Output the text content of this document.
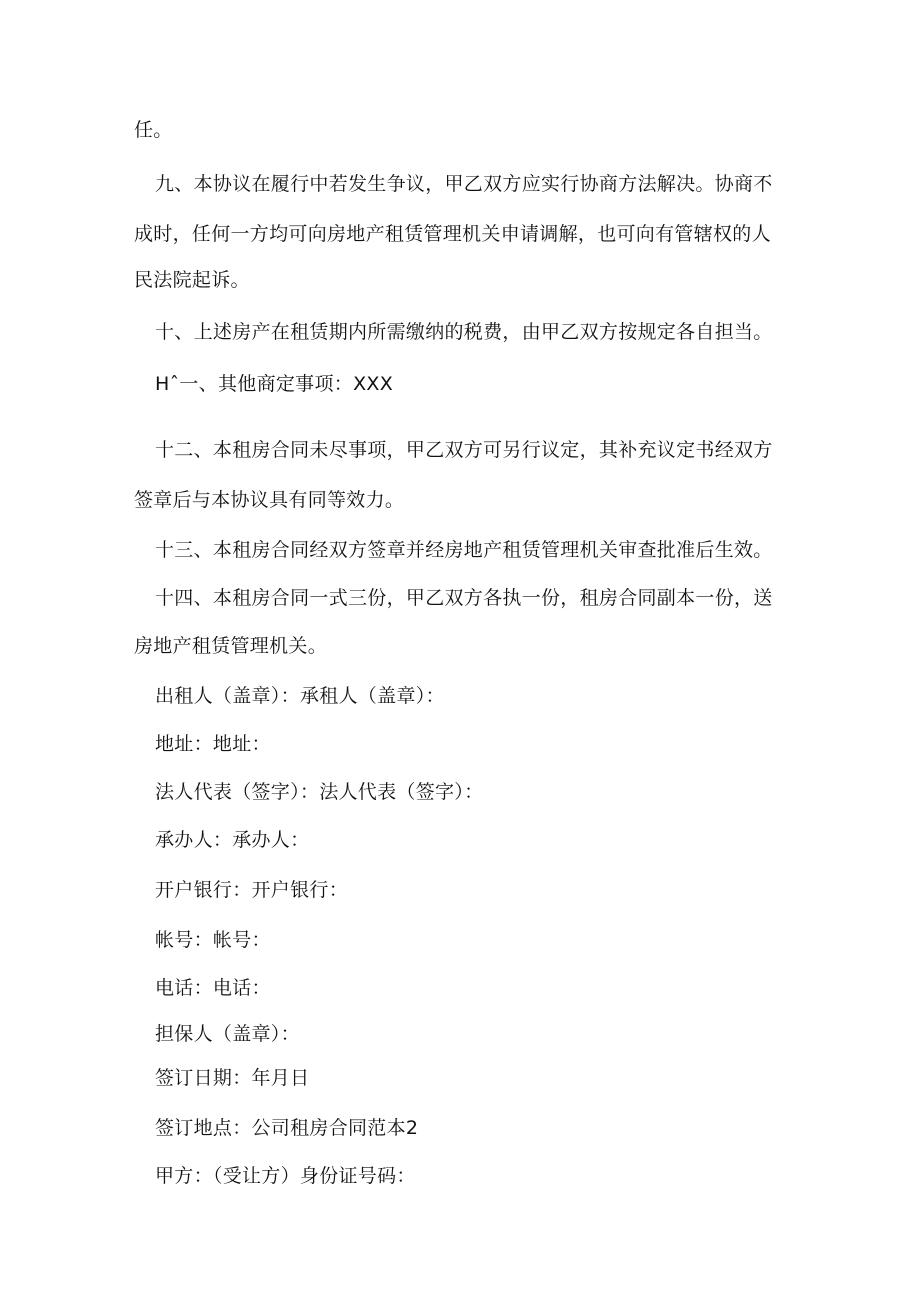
任。
九、本协议在履行中若发生争议，甲乙双方应实行协商方法解决。协商不
成时，任何一方均可向房地产租赁管理机关申请调解，也可向有管辖权的人
民法院起诉。
十、上述房产在租赁期内所需缴纳的税费，由甲乙双方按规定各自担当。
Hˆ一、其他商定事项：XXX
十二、本租房合同未尽事项，甲乙双方可另行议定，其补充议定书经双方
签章后与本协议具有同等效力。
十三、本租房合同经双方签章并经房地产租赁管理机关审查批准后生效。
十四、本租房合同一式三份，甲乙双方各执一份，租房合同副本一份，送
房地产租赁管理机关。
出租人（盖章）：承租人（盖章）：
地址：地址：
法人代表（签字）：法人代表（签字）：
承办人：承办人：
开户银行：开户银行：
帐号：帐号：
电话：电话：
担保人（盖章）：
签订日期：年月日
签订地点：公司租房合同范本2
甲方：（受让方）身份证号码：
